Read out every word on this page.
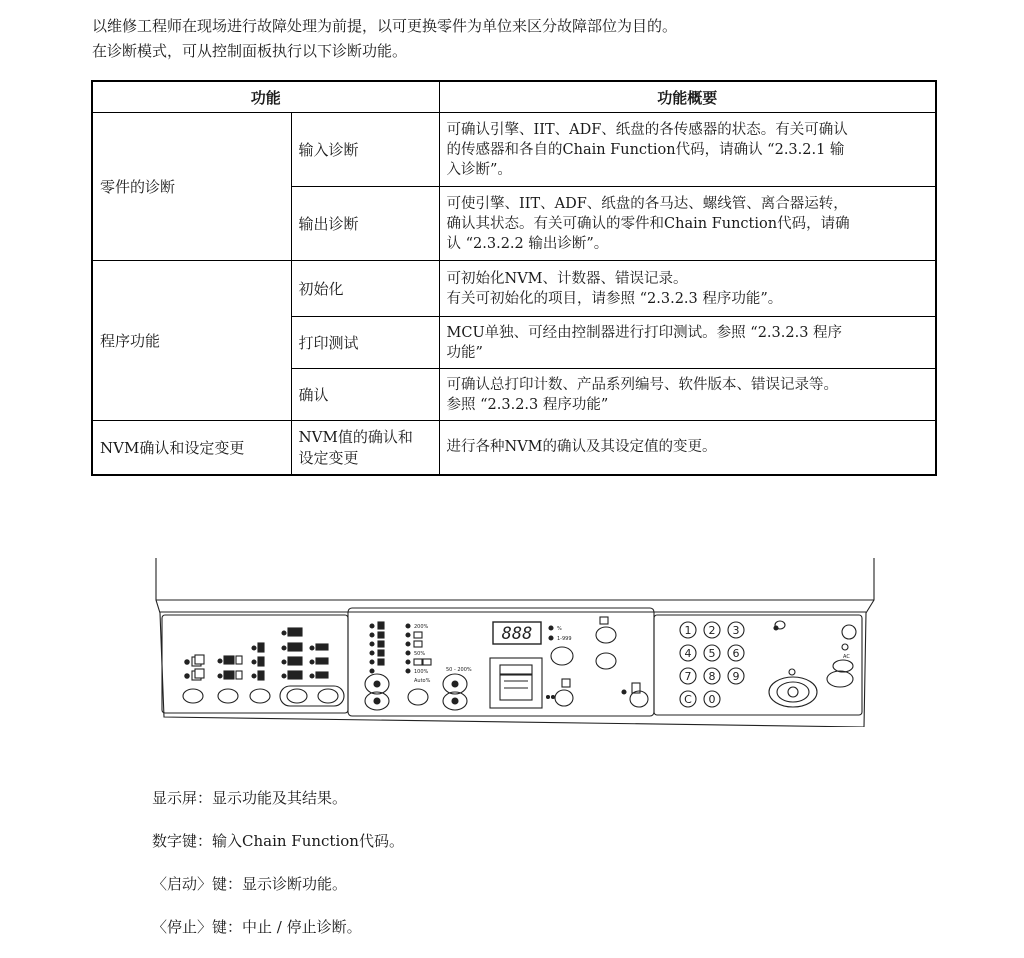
以维修工程师在现场进行故障处理为前提，以可更换零件为单位来区分故障部位为目的。

在诊断模式，可从控制面板执行以下诊断功能。

功能		功能概要
零件的诊断	输入诊断	可确认引擎、IIT、ADF、纸盘的各传感器的状态。有关可确认
的传感器和各自的Chain Function代码，请确认 “2.3.2.1 输
入诊断”。

	输出诊断	可使引擎、IIT、ADF、纸盘的各马达、螺线管、离合器运转，
确认其状态。有关可确认的零件和Chain Function代码，请确
认 “2.3.2.2 输出诊断”。

程序功能	初始化	可初始化NVM、计数器、错误记录。
有关可初始化的项目，请参照 “2.3.2.3 程序功能”。

	打印测试	MCU单独、可经由控制器进行打印测试。参照 “2.3.2.3 程序
功能”

	确认	可确认总打印计数、产品系列编号、软件版本、错误记录等。
参照 “2.3.2.3 程序功能”

NVM确认和设定变更	NVM值的确认和
设定变更	进行各种NVM的确认及其设定值的变更。
200%
50%
100%
Auto%
50 - 200%
888	%
1-999
1 2 3
4 5 6
7 8 9
C 0
AC

显示屏：显示功能及其结果。

数字键：输入Chain Function代码。

〈启动〉键：显示诊断功能。

〈停止〉键：中止 / 停止诊断。
